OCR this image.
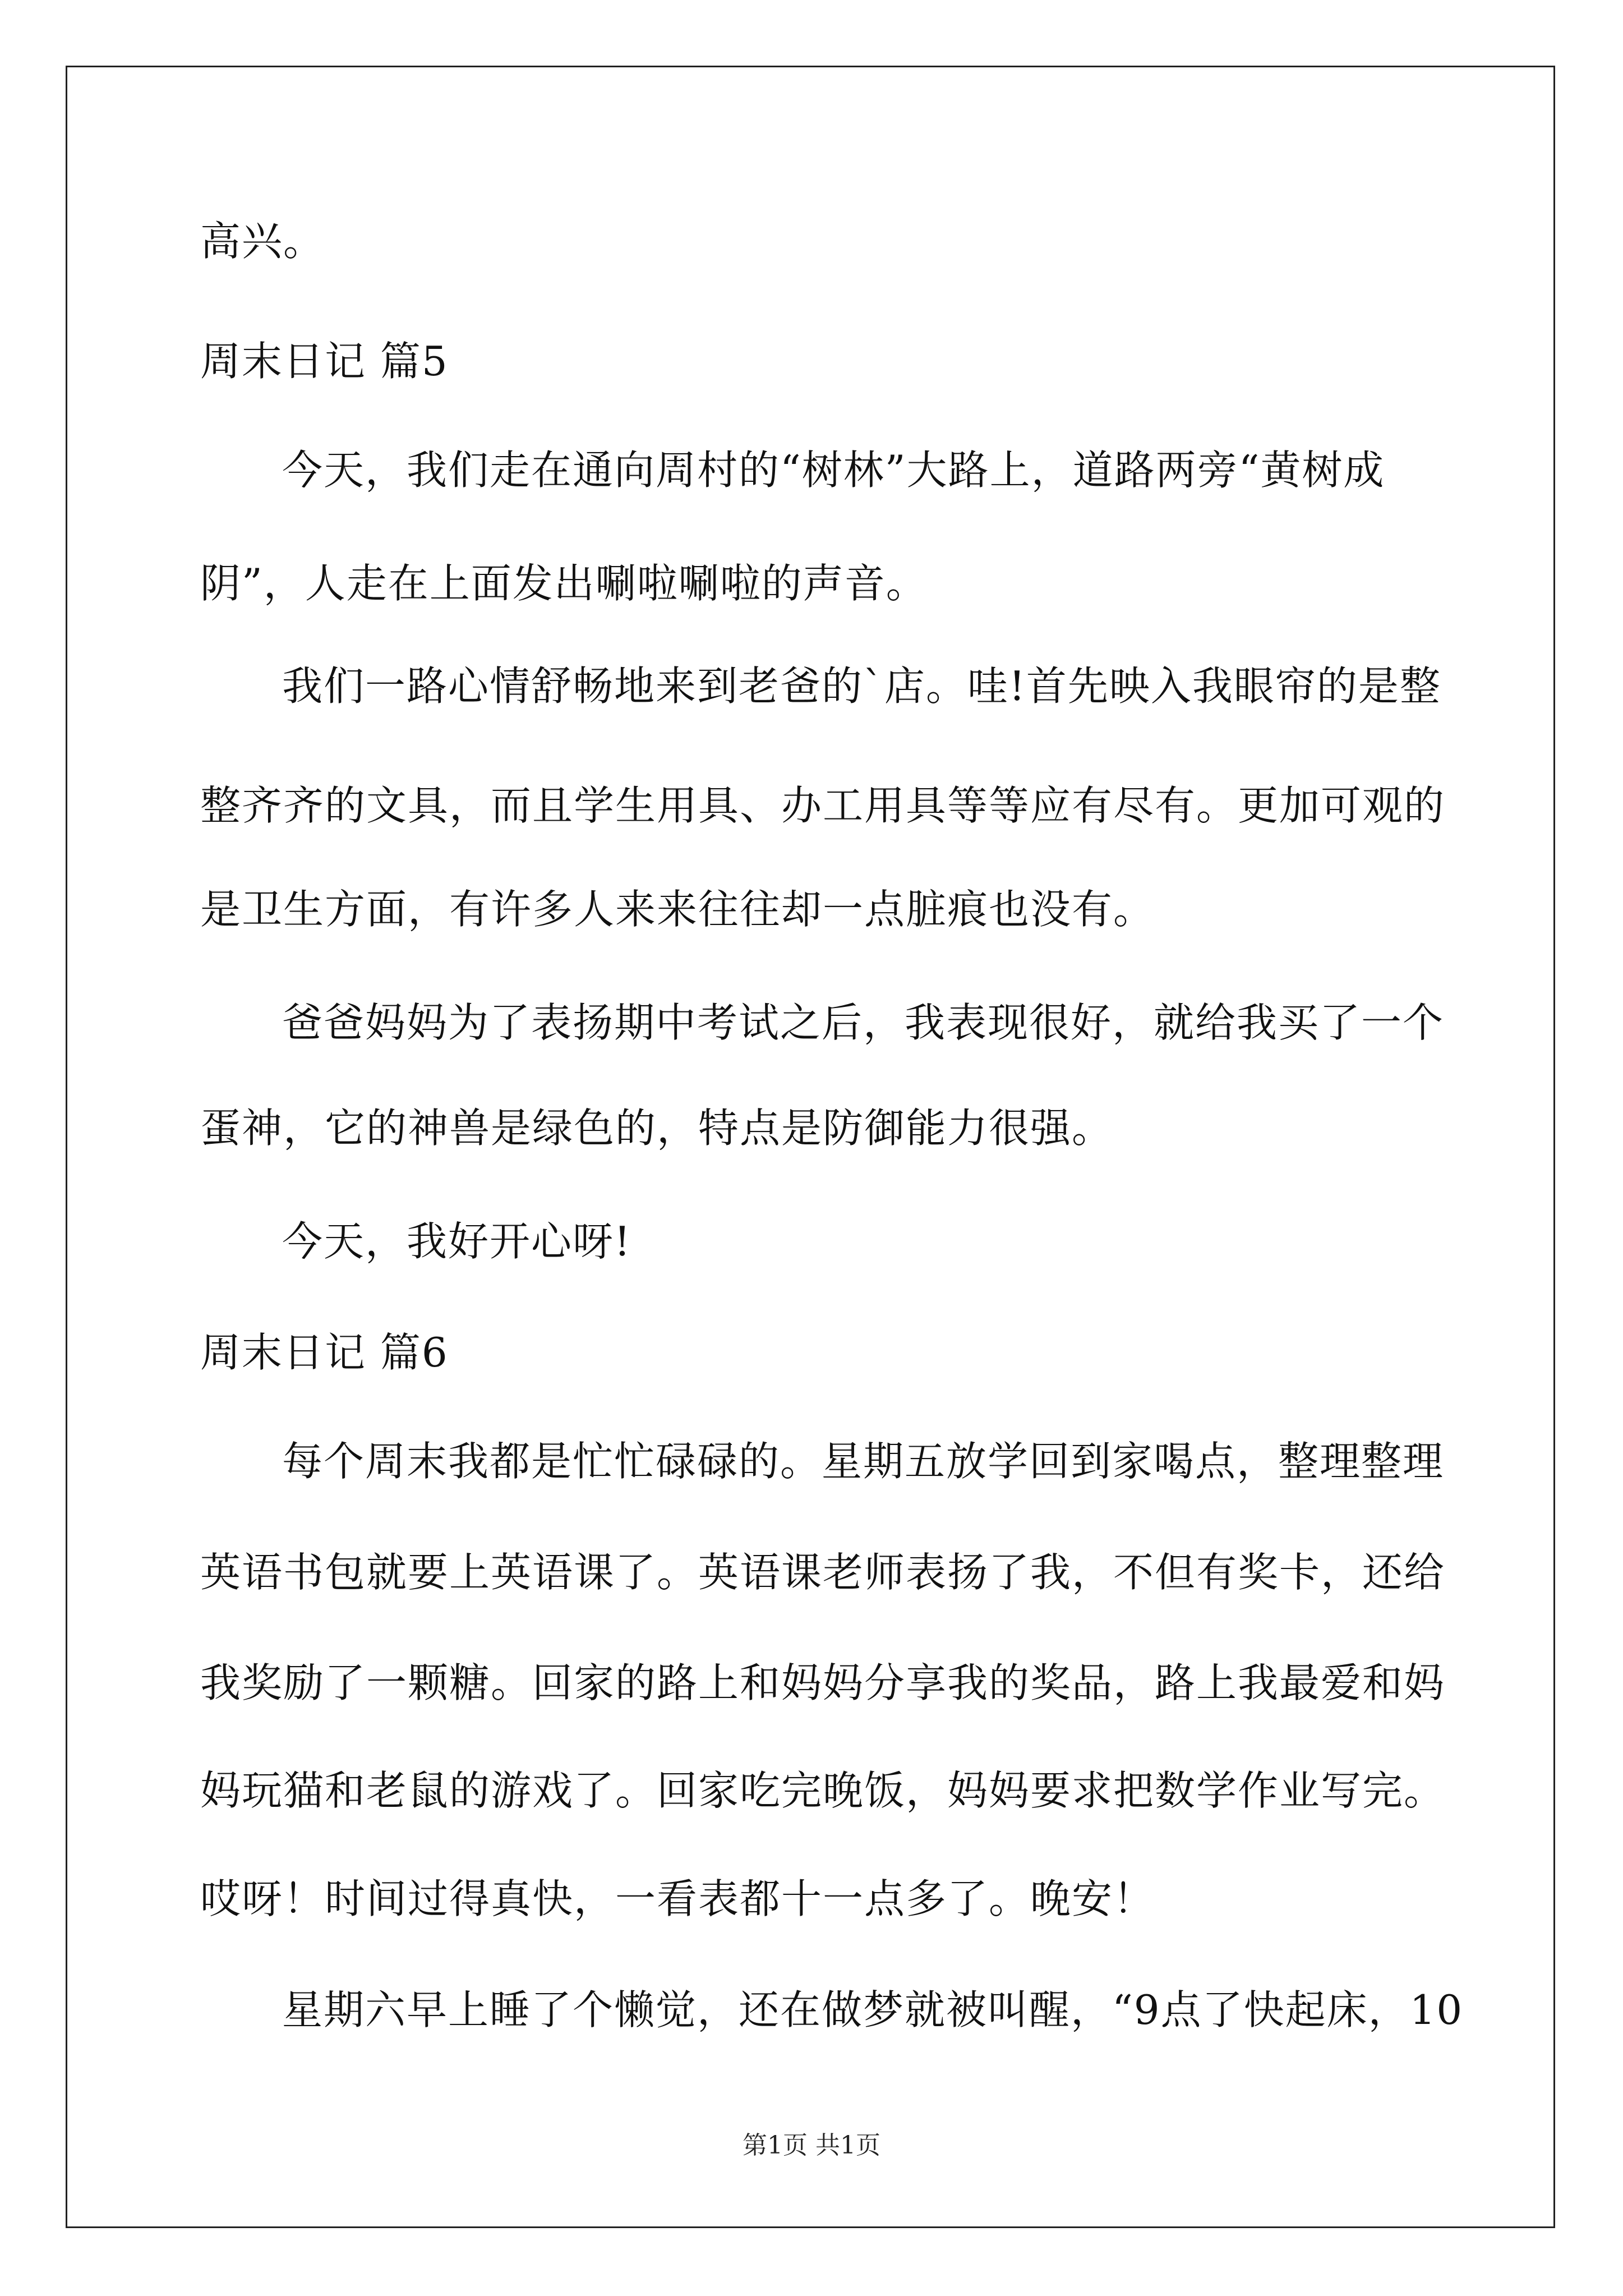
高兴。
周末日记 篇5
今天，我们走在通向周村的“树林”大路上，道路两旁“黄树成
阴”，人走在上面发出唰啦唰啦的声音。
我们一路心情舒畅地来到老爸的`店。哇!首先映入我眼帘的是整
整齐齐的文具，而且学生用具、办工用具等等应有尽有。更加可观的
是卫生方面，有许多人来来往往却一点脏痕也没有。
爸爸妈妈为了表扬期中考试之后，我表现很好，就给我买了一个
蛋神，它的神兽是绿色的，特点是防御能力很强。
今天，我好开心呀!
周末日记 篇6
每个周末我都是忙忙碌碌的。星期五放学回到家喝点，整理整理
英语书包就要上英语课了。英语课老师表扬了我，不但有奖卡，还给
我奖励了一颗糖。回家的路上和妈妈分享我的奖品，路上我最爱和妈
妈玩猫和老鼠的游戏了。回家吃完晚饭，妈妈要求把数学作业写完。
哎呀！时间过得真快，一看表都十一点多了。晚安！
星期六早上睡了个懒觉，还在做梦就被叫醒，“9点了快起床，10
第1页 共1页
